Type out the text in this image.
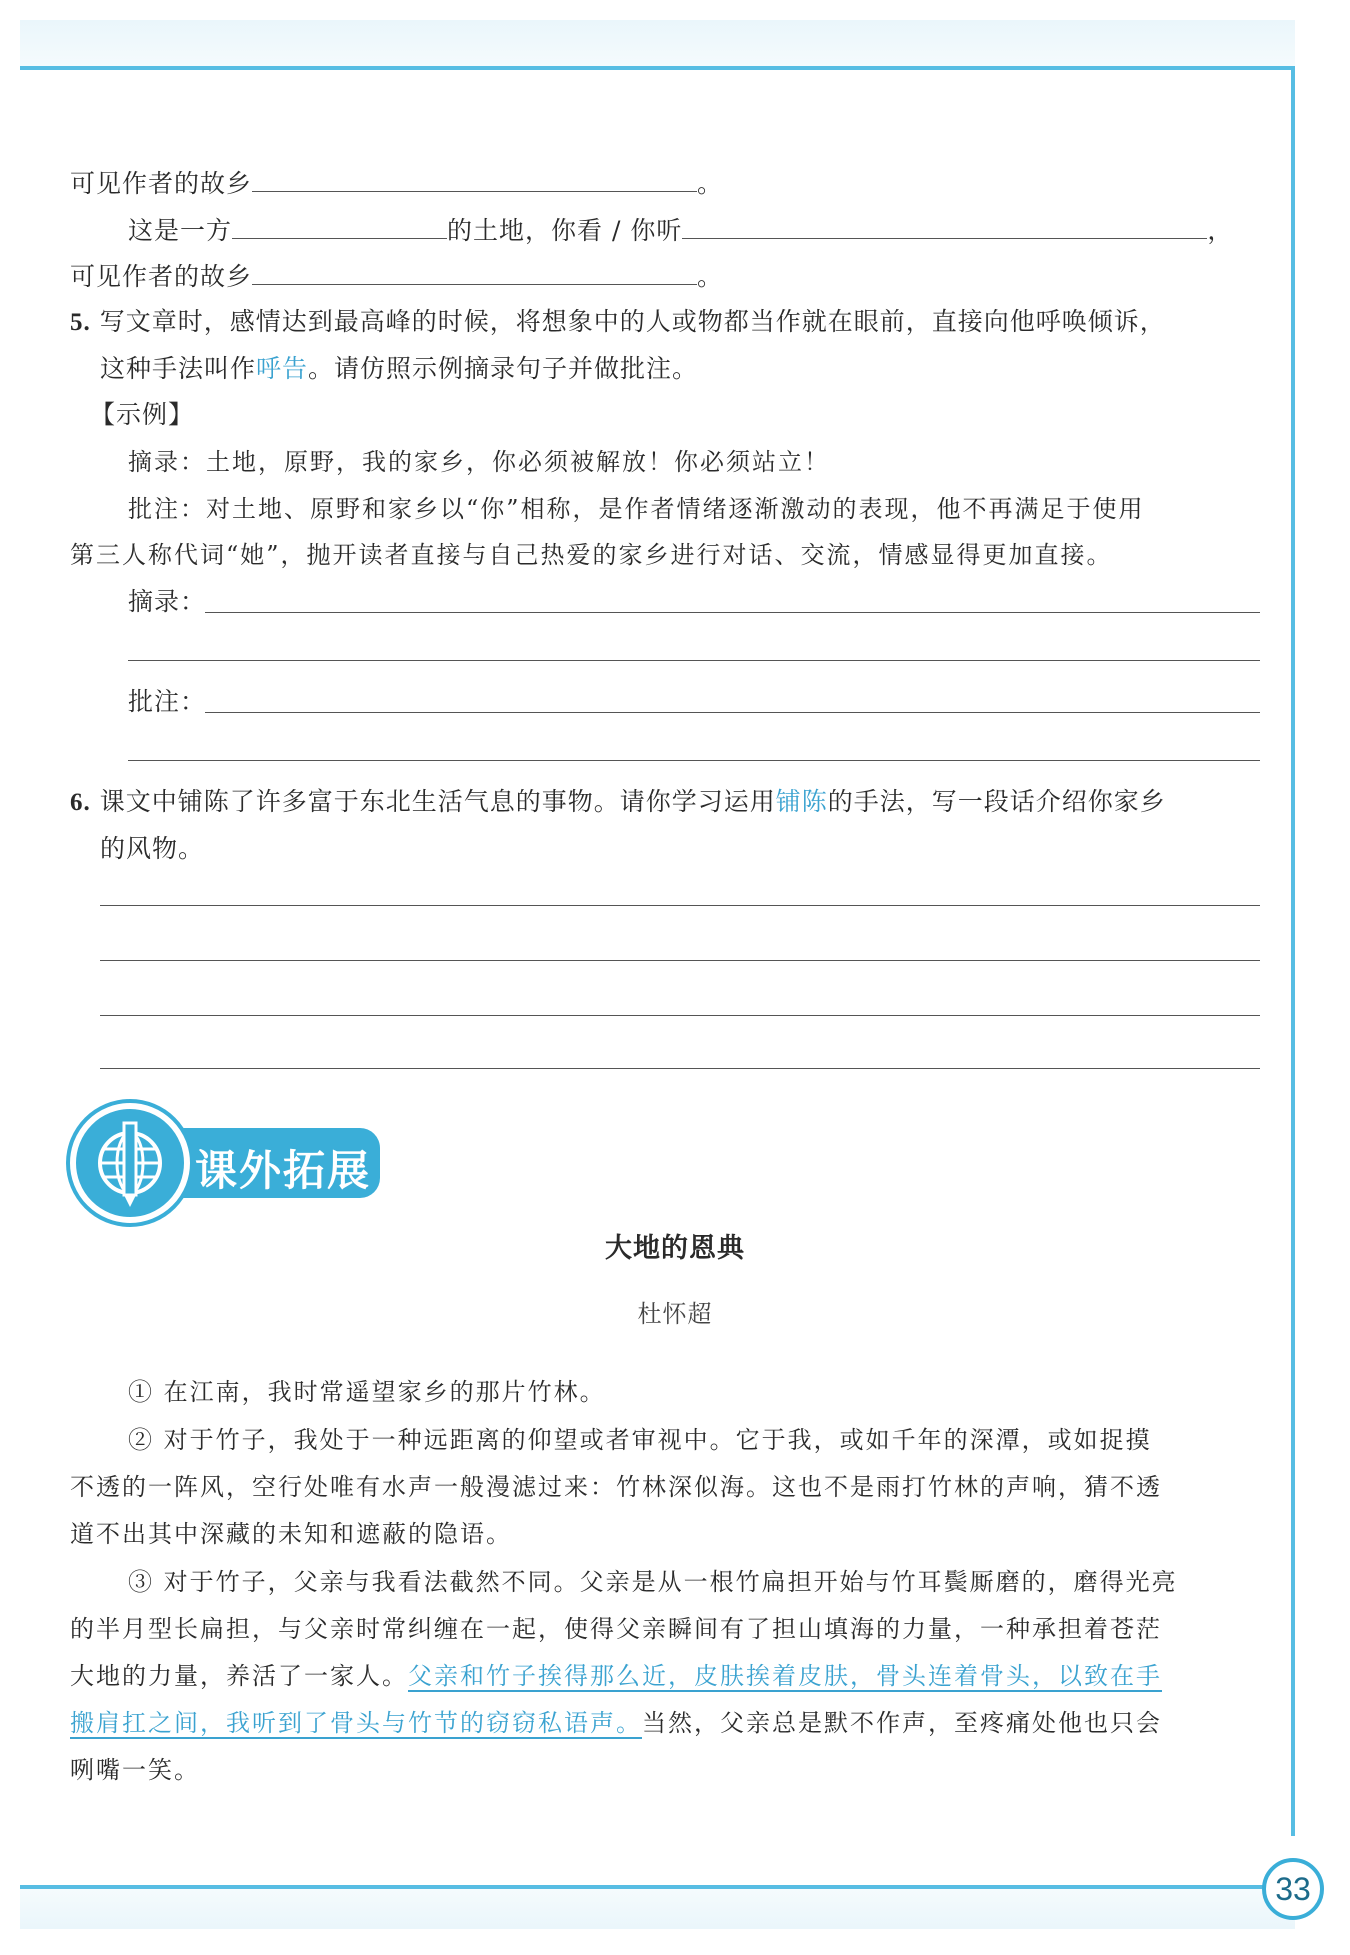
33
可见作者的故乡	。
这是一方	的土地，你看 / 你听	，
可见作者的故乡	。
5. 写文章时，感情达到最高峰的时候，将想象中的人或物都当作就在眼前，直接向他呼唤倾诉，
这种手法叫作呼告。请仿照示例摘录句子并做批注。
【示例】
摘录：土地，原野，我的家乡，你必须被解放！你必须站立！
批注：对土地、原野和家乡以“你”相称，是作者情绪逐渐激动的表现，他不再满足于使用
第三人称代词“她”，抛开读者直接与自己热爱的家乡进行对话、交流，情感显得更加直接。
摘录：
批注：
6. 课文中铺陈了许多富于东北生活气息的事物。请你学习运用铺陈的手法，写一段话介绍你家乡
的风物。
课外拓展
大地的恩典
杜怀超
① 在江南，我时常遥望家乡的那片竹林。
② 对于竹子，我处于一种远距离的仰望或者审视中。它于我，或如千年的深潭，或如捉摸
不透的一阵风，空行处唯有水声一般漫滤过来：竹林深似海。这也不是雨打竹林的声响，猜不透
道不出其中深藏的未知和遮蔽的隐语。
③ 对于竹子，父亲与我看法截然不同。父亲是从一根竹扁担开始与竹耳鬓厮磨的，磨得光亮
的半月型长扁担，与父亲时常纠缠在一起，使得父亲瞬间有了担山填海的力量，一种承担着苍茫
大地的力量，养活了一家人。父亲和竹子挨得那么近，皮肤挨着皮肤，骨头连着骨头，以致在手
搬肩扛之间，我听到了骨头与竹节的窃窃私语声。当然，父亲总是默不作声，至疼痛处他也只会
咧嘴一笑。
